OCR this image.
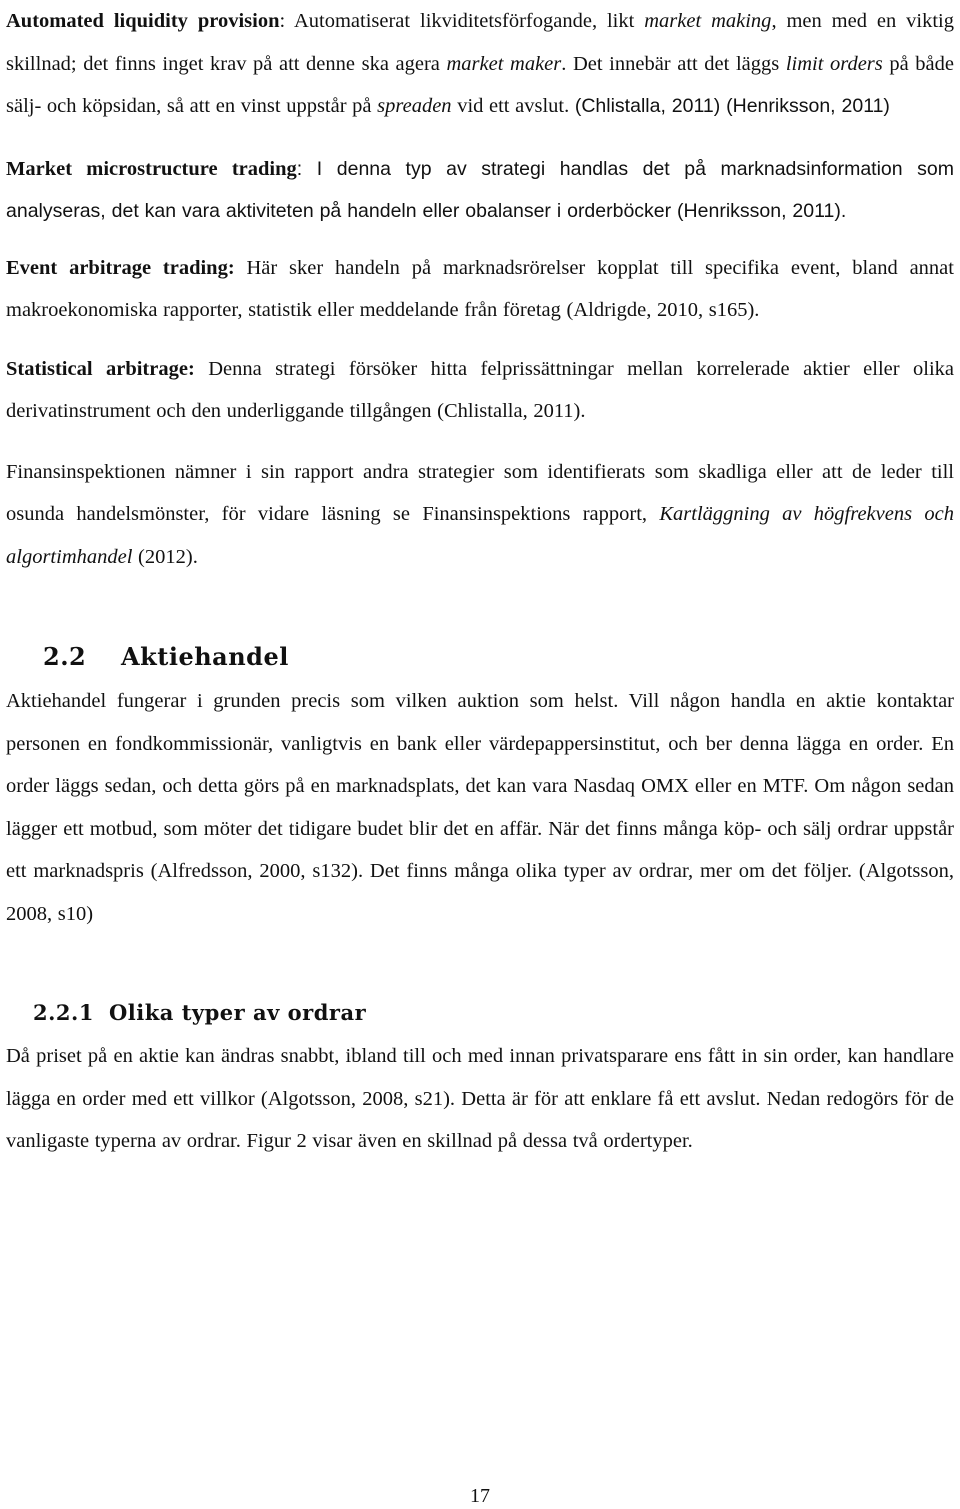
Automated liquidity provision: Automatiserat likviditetsförfogande, likt market making, men med en viktig skillnad; det finns inget krav på att denne ska agera market maker. Det innebär att det läggs limit orders på både sälj- och köpsidan, så att en vinst uppstår på spreaden vid ett avslut. (Chlistalla, 2011) (Henriksson, 2011)

Market microstructure trading: I denna typ av strategi handlas det på marknadsinformation som analyseras, det kan vara aktiviteten på handeln eller obalanser i orderböcker (Henriksson, 2011).

Event arbitrage trading: Här sker handeln på marknadsrörelser kopplat till specifika event, bland annat makroekonomiska rapporter, statistik eller meddelande från företag (Aldrigde, 2010, s165).

Statistical arbitrage: Denna strategi försöker hitta felprissättningar mellan korrelerade aktier eller olika derivatinstrument och den underliggande tillgången (Chlistalla, 2011).

Finansinspektionen nämner i sin rapport andra strategier som identifierats som skadliga eller att de leder till osunda handelsmönster, för vidare läsning se Finansinspektions rapport, Kartläggning av högfrekvens och algortimhandel (2012).

2.2 Aktiehandel

Aktiehandel fungerar i grunden precis som vilken auktion som helst. Vill någon handla en aktie kontaktar personen en fondkommissionär, vanligtvis en bank eller värdepappersinstitut, och ber denna lägga en order. En order läggs sedan, och detta görs på en marknadsplats, det kan vara Nasdaq OMX eller en MTF. Om någon sedan lägger ett motbud, som möter det tidigare budet blir det en affär. När det finns många köp- och sälj ordrar uppstår ett marknadspris (Alfredsson, 2000, s132). Det finns många olika typer av ordrar, mer om det följer. (Algotsson, 2008, s10)

2.2.1 Olika typer av ordrar

Då priset på en aktie kan ändras snabbt, ibland till och med innan privatsparare ens fått in sin order, kan handlare lägga en order med ett villkor (Algotsson, 2008, s21). Detta är för att enklare få ett avslut. Nedan redogörs för de vanligaste typerna av ordrar. Figur 2 visar även en skillnad på dessa två ordertyper.

17
